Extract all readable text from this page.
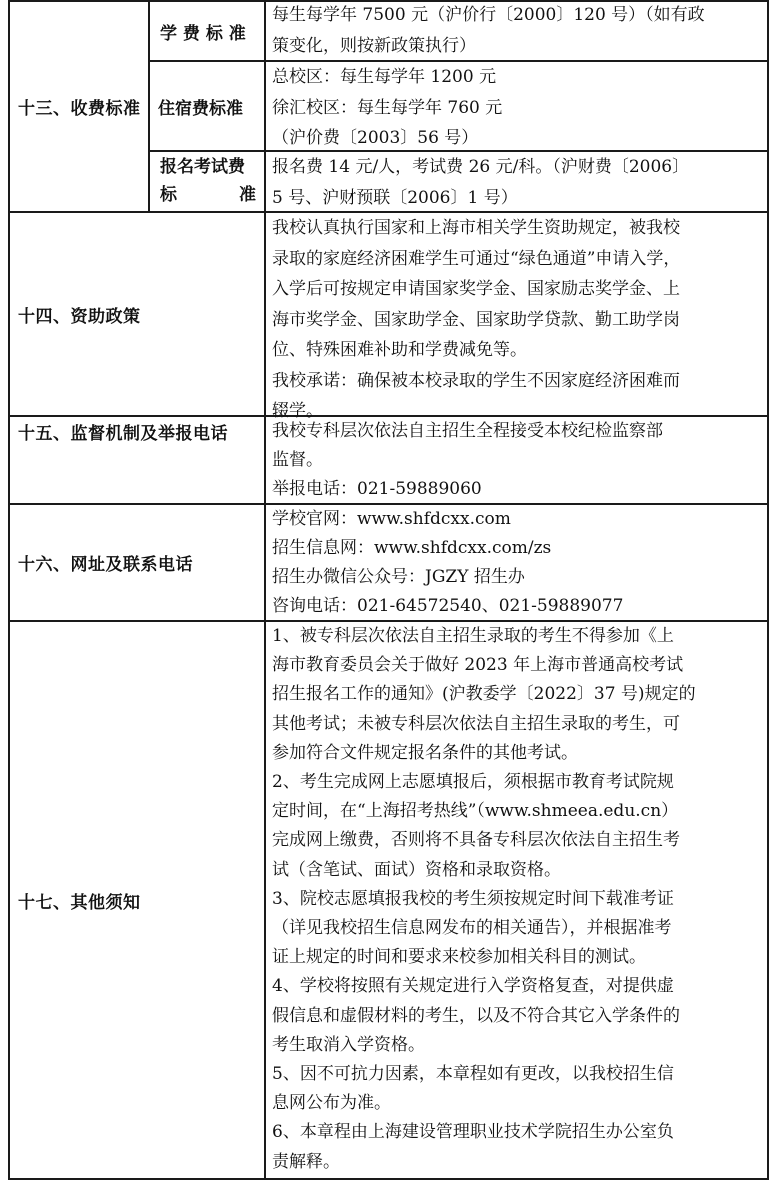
十三、收费标准
学 费 标 准
每生每学年 7500 元（沪价行〔2000〕120 号）（如有政
策变化，则按新政策执行）
住宿费标准
总校区：每生每学年 1200 元
徐汇校区：每生每学年 760 元
（沪价费〔2003〕56 号）
报名考试费
标	准
报名费 14 元/人，考试费 26 元/科。（沪财费〔2006〕
5 号、沪财预联〔2006〕1 号）
十四、资助政策
我校认真执行国家和上海市相关学生资助规定，被我校
录取的家庭经济困难学生可通过“绿色通道”申请入学，
入学后可按规定申请国家奖学金、国家励志奖学金、上
海市奖学金、国家助学金、国家助学贷款、勤工助学岗
位、特殊困难补助和学费减免等。
我校承诺：确保被本校录取的学生不因家庭经济困难而
辍学。
十五、监督机制及举报电话	我校专科层次依法自主招生全程接受本校纪检监察部
监督。
举报电话：021-59889060
十六、网址及联系电话
学校官网：www.shfdcxx.com
招生信息网：www.shfdcxx.com/zs
招生办微信公众号：JGZY 招生办
咨询电话：021-64572540、021-59889077
十七、其他须知
1、被专科层次依法自主招生录取的考生不得参加《上
海市教育委员会关于做好 2023 年上海市普通高校考试
招生报名工作的通知》(沪教委学〔2022〕37 号)规定的
其他考试；未被专科层次依法自主招生录取的考生，可
参加符合文件规定报名条件的其他考试。
2、考生完成网上志愿填报后，须根据市教育考试院规
定时间，在“上海招考热线”（www.shmeea.edu.cn）
完成网上缴费，否则将不具备专科层次依法自主招生考
试（含笔试、面试）资格和录取资格。
3、院校志愿填报我校的考生须按规定时间下载准考证
（详见我校招生信息网发布的相关通告），并根据准考
证上规定的时间和要求来校参加相关科目的测试。
4、学校将按照有关规定进行入学资格复查，对提供虚
假信息和虚假材料的考生，以及不符合其它入学条件的
考生取消入学资格。
5、因不可抗力因素，本章程如有更改，以我校招生信
息网公布为准。
6、本章程由上海建设管理职业技术学院招生办公室负
责解释。
